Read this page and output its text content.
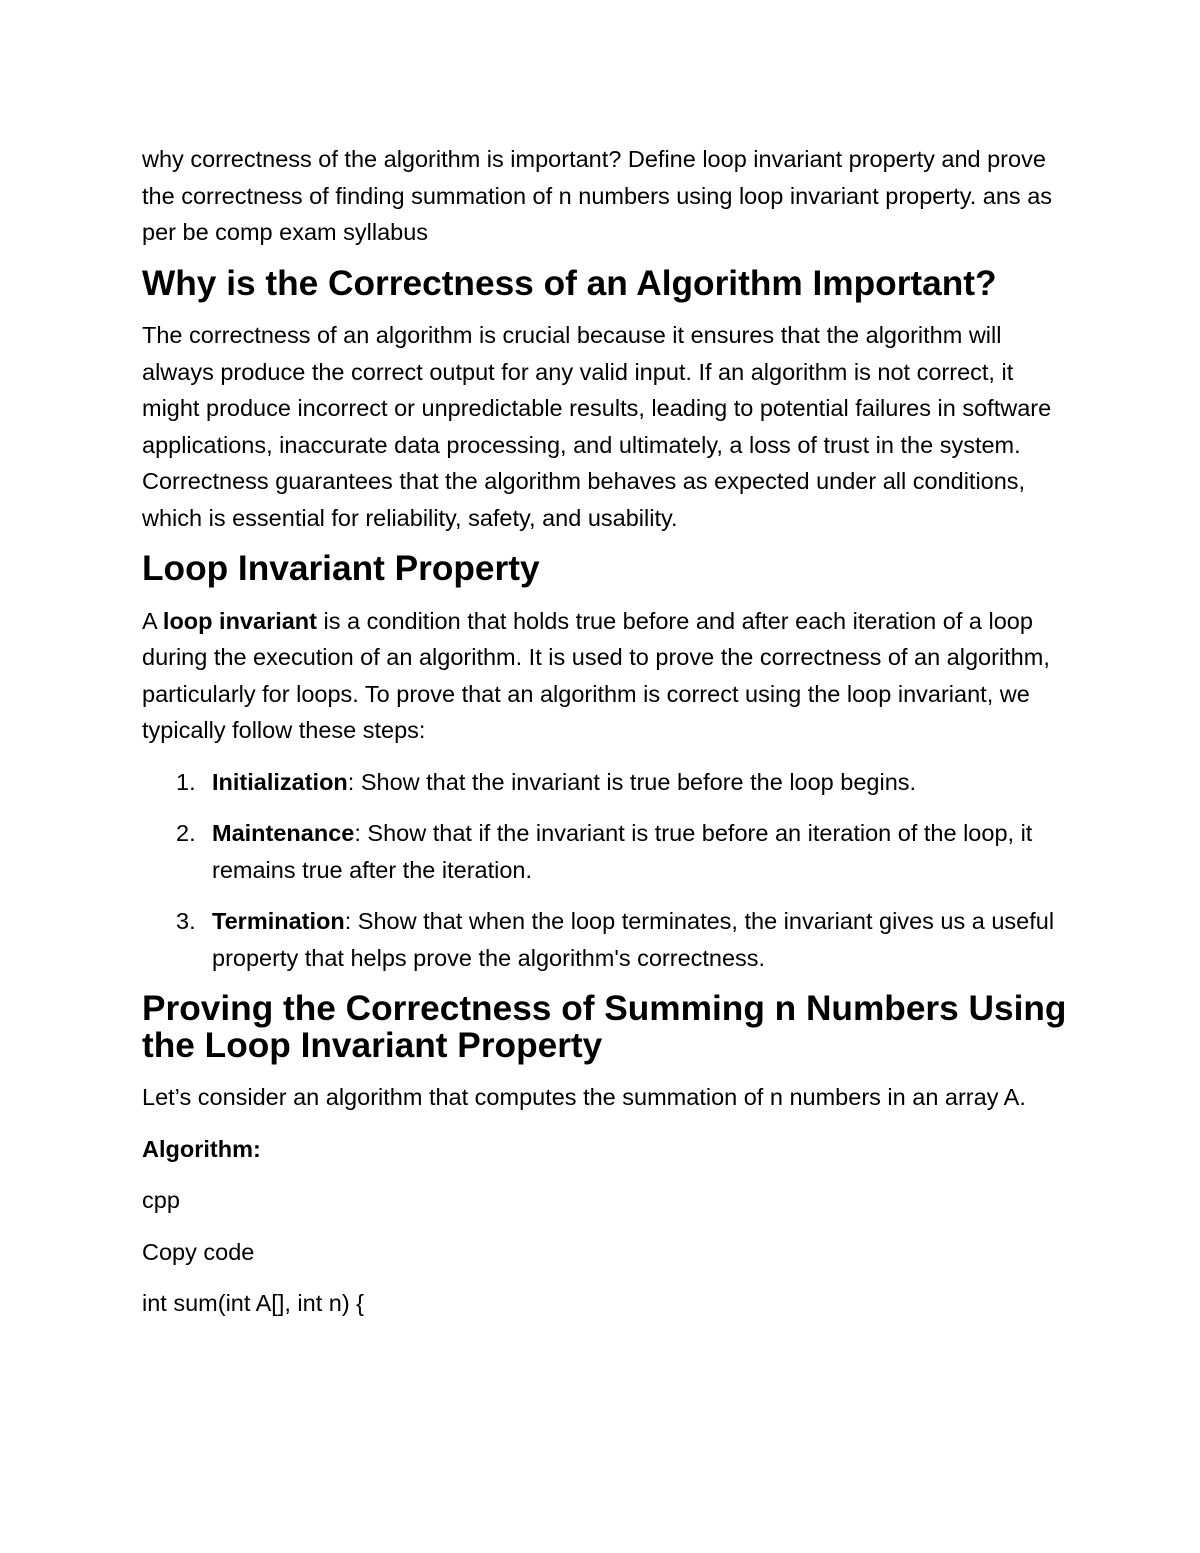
why correctness of the algorithm is important? Define loop invariant property and prove the correctness of finding summation of n numbers using loop invariant property. ans as per be comp exam syllabus

Why is the Correctness of an Algorithm Important?

The correctness of an algorithm is crucial because it ensures that the algorithm will always produce the correct output for any valid input. If an algorithm is not correct, it might produce incorrect or unpredictable results, leading to potential failures in software applications, inaccurate data processing, and ultimately, a loss of trust in the system. Correctness guarantees that the algorithm behaves as expected under all conditions, which is essential for reliability, safety, and usability.

Loop Invariant Property

A loop invariant is a condition that holds true before and after each iteration of a loop during the execution of an algorithm. It is used to prove the correctness of an algorithm, particularly for loops. To prove that an algorithm is correct using the loop invariant, we typically follow these steps:

1. Initialization: Show that the invariant is true before the loop begins.
2. Maintenance: Show that if the invariant is true before an iteration of the loop, it remains true after the iteration.
3. Termination: Show that when the loop terminates, the invariant gives us a useful property that helps prove the algorithm's correctness.
Proving the Correctness of Summing n Numbers Using the Loop Invariant Property

Let’s consider an algorithm that computes the summation of n numbers in an array A.

Algorithm:

cpp

Copy code

int sum(int A[], int n) {
